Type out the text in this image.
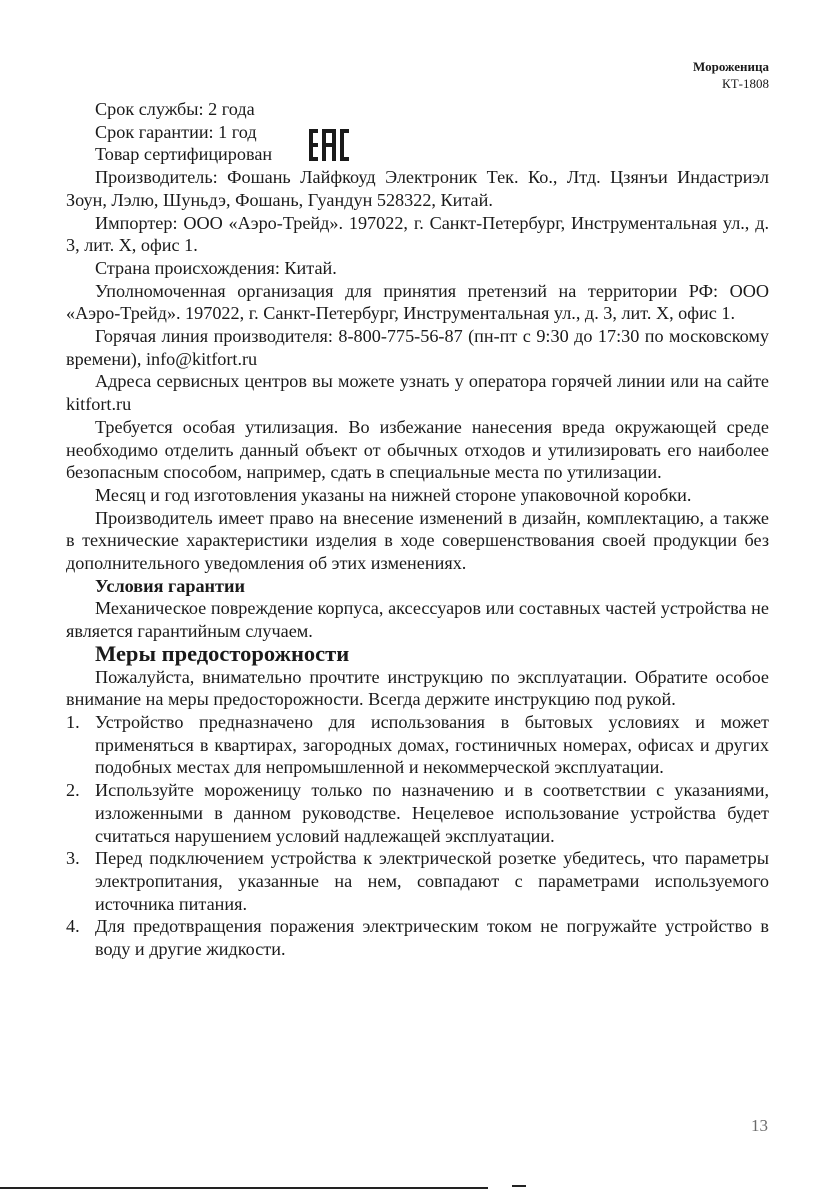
Мороженица
КТ-1808
Срок службы: 2 года
Срок гарантии: 1 год
Товар сертифицирован

Производитель: Фошань Лайфкоуд Электроник Тек. Ко., Лтд. Цзянъи Индастриэл Зоун, Лэлю, Шуньдэ, Фошань, Гуандун 528322, Китай.

Импортер: ООО «Аэро-Трейд». 197022, г. Санкт-Петербург, Инструментальная ул., д. 3, лит. Х, офис 1.

Страна происхождения: Китай.

Уполномоченная организация для принятия претензий на территории РФ: ООО «Аэро-Трейд». 197022, г. Санкт-Петербург, Инструментальная ул., д. 3, лит. Х, офис 1.

Горячая линия производителя: 8-800-775-56-87 (пн-пт с 9:30 до 17:30 по московскому времени), info@kitfort.ru

Адреса сервисных центров вы можете узнать у оператора горячей линии или на сайте kitfort.ru

Требуется особая утилизация. Во избежание нанесения вреда окружающей среде необходимо отделить данный объект от обычных отходов и утилизировать его наиболее безопасным способом, например, сдать в специальные места по утилизации.

Месяц и год изготовления указаны на нижней стороне упаковочной коробки.

Производитель имеет право на внесение изменений в дизайн, комплектацию, а также в технические характеристики изделия в ходе совершенствования своей продукции без дополнительного уведомления об этих изменениях.

Условия гарантии

Механическое повреждение корпуса, аксессуаров или составных частей устройства не является гарантийным случаем.

Меры предосторожности

Пожалуйста, внимательно прочтите инструкцию по эксплуатации. Обратите особое внимание на меры предосторожности. Всегда держите инструкцию под рукой.

1. Устройство предназначено для использования в бытовых условиях и может применяться в квартирах, загородных домах, гостиничных номерах, офисах и других подобных местах для непромышленной и некоммерческой эксплуатации.
2. Используйте мороженицу только по назначению и в соответствии с указаниями, изложенными в данном руководстве. Нецелевое использование устройства будет считаться нарушением условий надлежащей эксплуатации.
3. Перед подключением устройства к электрической розетке убедитесь, что параметры электропитания, указанные на нем, совпадают с параметрами используемого источника питания.
4. Для предотвращения поражения электрическим током не погружайте устройство в воду и другие жидкости.
13
